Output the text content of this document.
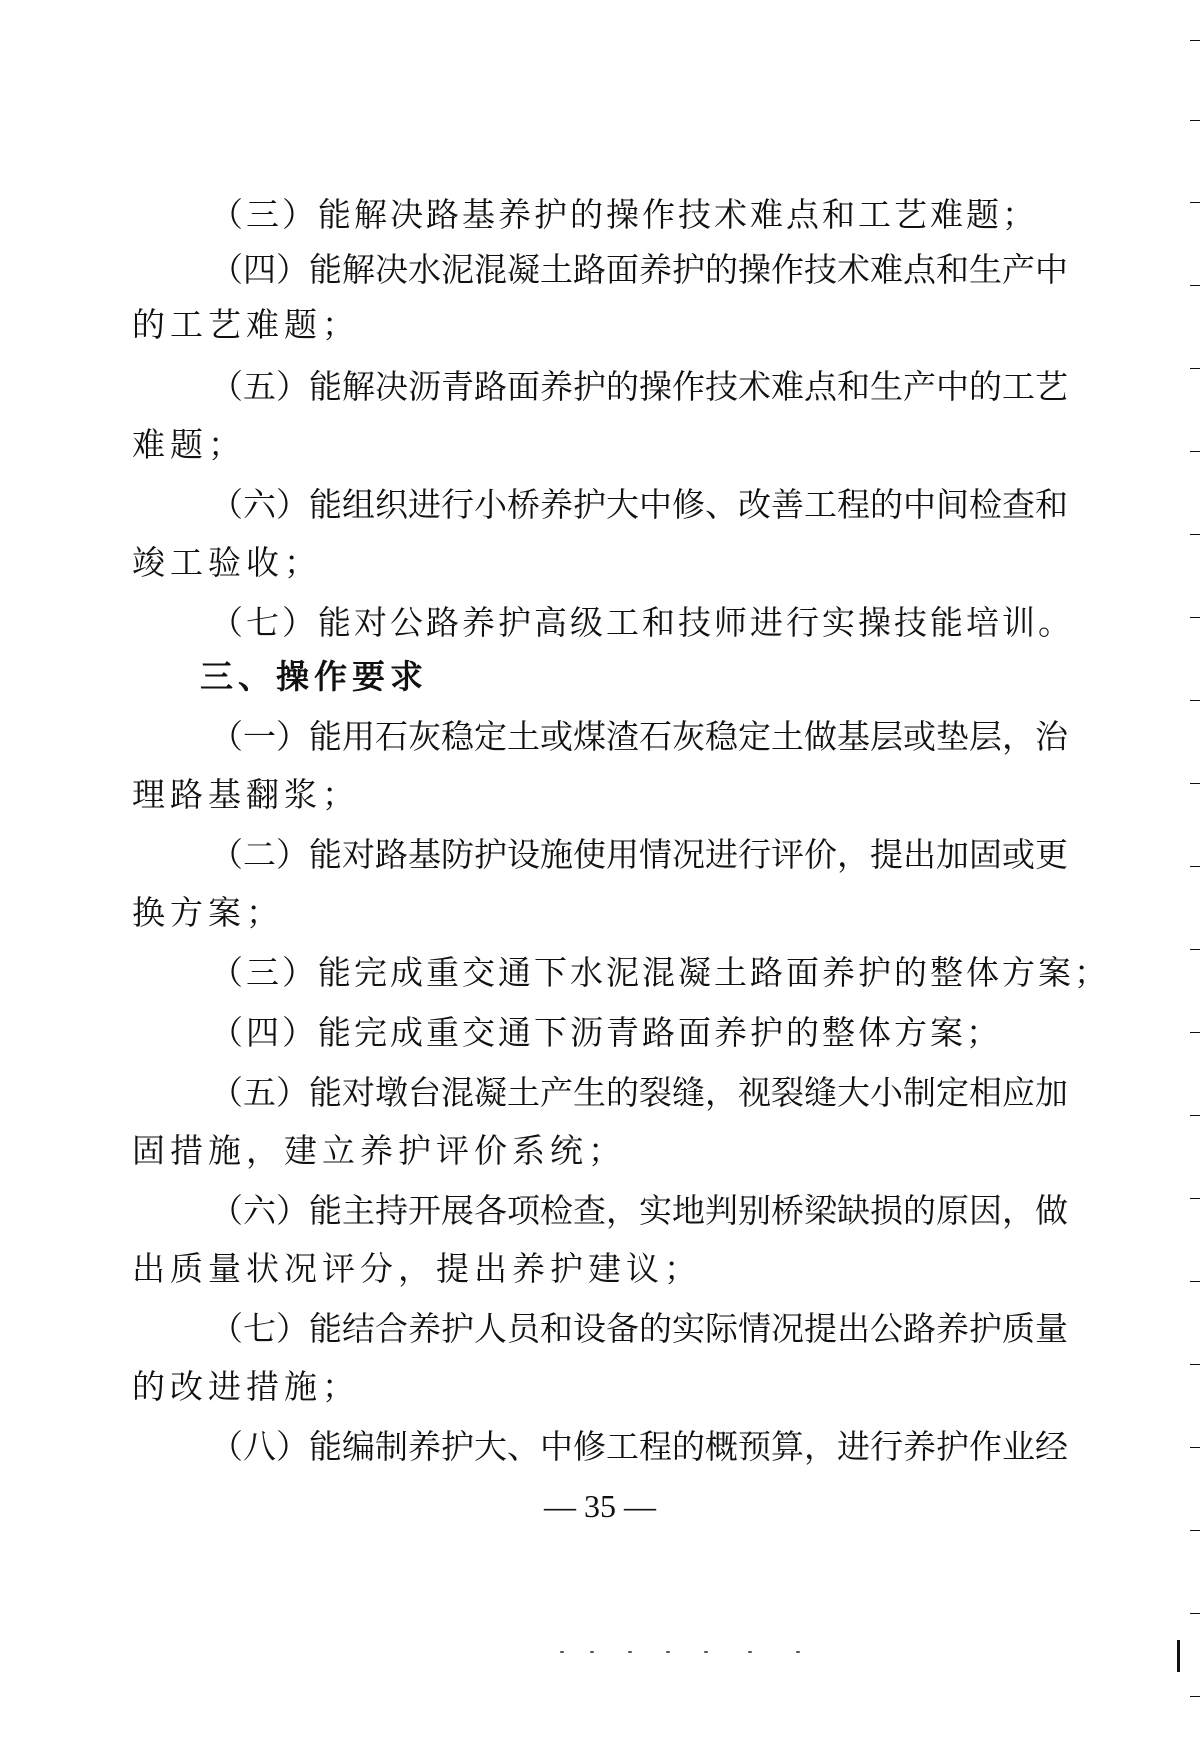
（三）能解决路基养护的操作技术难点和工艺难题；
（ 四 ） 能 解 决 水 泥 混 凝 土 路 面 养 护 的 操 作 技 术 难 点 和 生 产 中
的工艺难题；
（ 五 ） 能 解 决 沥 青 路 面 养 护 的 操 作 技 术 难 点 和 生 产 中 的 工 艺
难题；
（ 六 ） 能 组 织 进 行 小 桥 养 护 大 中 修 、 改 善 工 程 的 中 间 检 查 和
竣工验收；
（七）能对公路养护高级工和技师进行实操技能培训。
三、操作要求
（ 一 ） 能 用 石 灰 稳 定 土 或 煤 渣 石 灰 稳 定 土 做 基 层 或 垫 层 ， 治
理路基翻浆；
（ 二 ） 能 对 路 基 防 护 设 施 使 用 情 况 进 行 评 价 ， 提 出 加 固 或 更
换方案；
（三）能完成重交通下水泥混凝土路面养护的整体方案；
（四）能完成重交通下沥青路面养护的整体方案；
（ 五 ） 能 对 墩 台 混 凝 土 产 生 的 裂 缝 ， 视 裂 缝 大 小 制 定 相 应 加
固措施，建立养护评价系统；
（ 六 ） 能 主 持 开 展 各 项 检 查 ， 实 地 判 别 桥 梁 缺 损 的 原 因 ， 做
出质量状况评分，提出养护建议；
（ 七 ） 能 结 合 养 护 人 员 和 设 备 的 实 际 情 况 提 出 公 路 养 护 质 量
的改进措施；
（ 八 ） 能 编 制 养 护 大 、 中 修 工 程 的 概 预 算 ， 进 行 养 护 作 业 经
— 35 —
